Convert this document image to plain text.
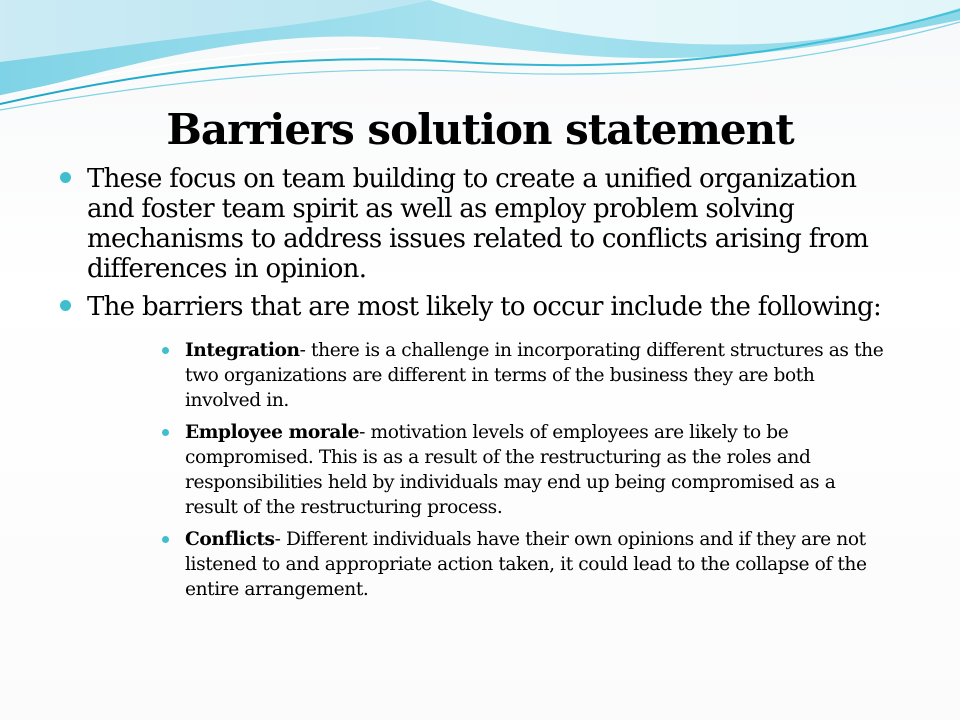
Barriers solution statement
These focus on team building to create a unified organization and foster team spirit as well as employ problem solving mechanisms to address issues related to conflicts arising from differences in opinion.
The barriers that are most likely to occur include the following:
Integration- there is a challenge in incorporating different structures as the two organizations are different in terms of the business they are both involved in.
Employee morale- motivation levels of employees are likely to be compromised. This is as a result of the restructuring as the roles and responsibilities held by individuals may end up being compromised as a result of the restructuring process.
Conflicts- Different individuals have their own opinions and if they are not listened to and appropriate action taken, it could lead to the collapse of the entire arrangement.
